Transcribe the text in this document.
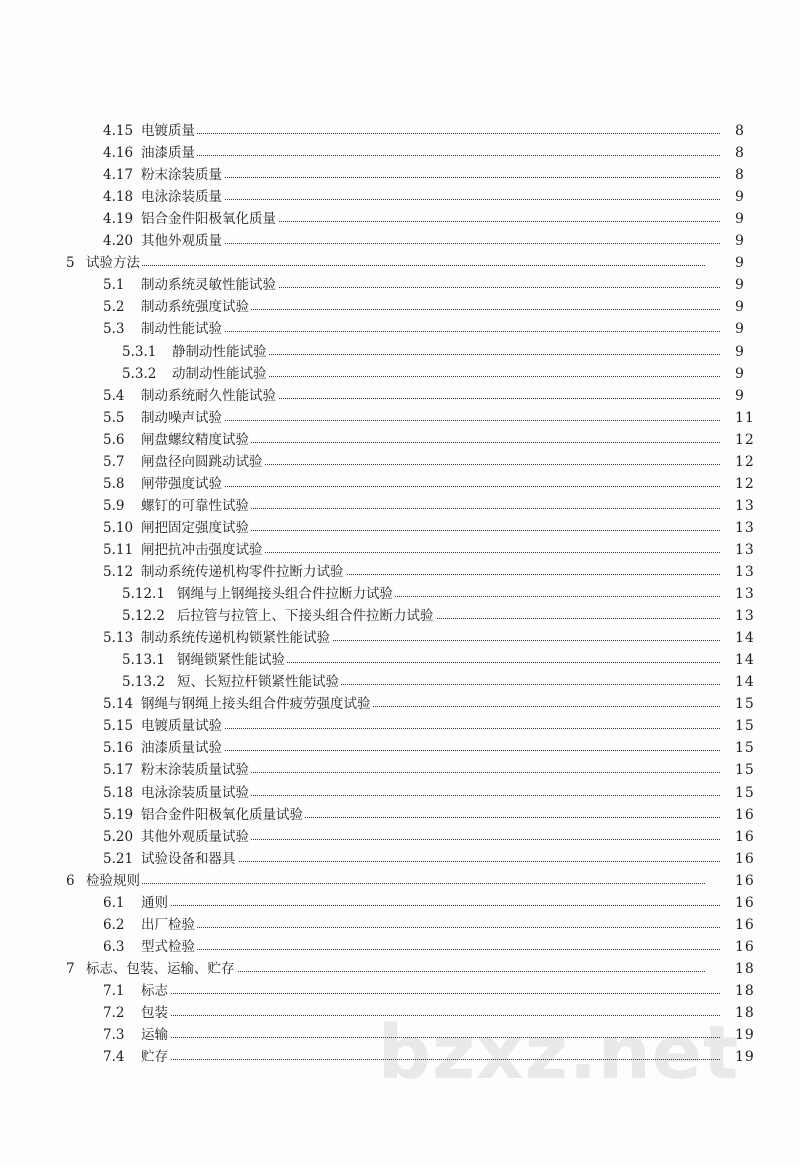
4.15 电镀质量	8
4.16 油漆质量	8
4.17 粉末涂装质量	8
4.18 电泳涂装质量	9
4.19 铝合金件阳极氧化质量	9
4.20 其他外观质量	9
5 试验方法	9
5.1 制动系统灵敏性能试验	9
5.2 制动系统强度试验	9
5.3 制动性能试验	9
5.3.1 静制动性能试验	9
5.3.2 动制动性能试验	9
5.4 制动系统耐久性能试验	9
5.5 制动噪声试验	11
5.6 闸盘螺纹精度试验	12
5.7 闸盘径向圆跳动试验	12
5.8 闸带强度试验	12
5.9 螺钉的可靠性试验	13
5.10 闸把固定强度试验	13
5.11 闸把抗冲击强度试验	13
5.12 制动系统传递机构零件拉断力试验	13
5.12.1 钢绳与上钢绳接头组合件拉断力试验	13
5.12.2 后拉管与拉管上、下接头组合件拉断力试验	13
5.13 制动系统传递机构锁紧性能试验	14
5.13.1 钢绳锁紧性能试验	14
5.13.2 短、长短拉杆锁紧性能试验	14
5.14 钢绳与钢绳上接头组合件疲劳强度试验	15
5.15 电镀质量试验	15
5.16 油漆质量试验	15
5.17 粉末涂装质量试验	15
5.18 电泳涂装质量试验	15
5.19 铝合金件阳极氧化质量试验	16
5.20 其他外观质量试验	16
5.21 试验设备和器具	16
6 检验规则	16
6.1 通则	16
6.2 出厂检验	16
6.3 型式检验	16
7 标志、包装、运输、贮存	18
7.1 标志	18
7.2 包装	18
7.3 运输	19
7.4 贮存	19
bzxz.net
